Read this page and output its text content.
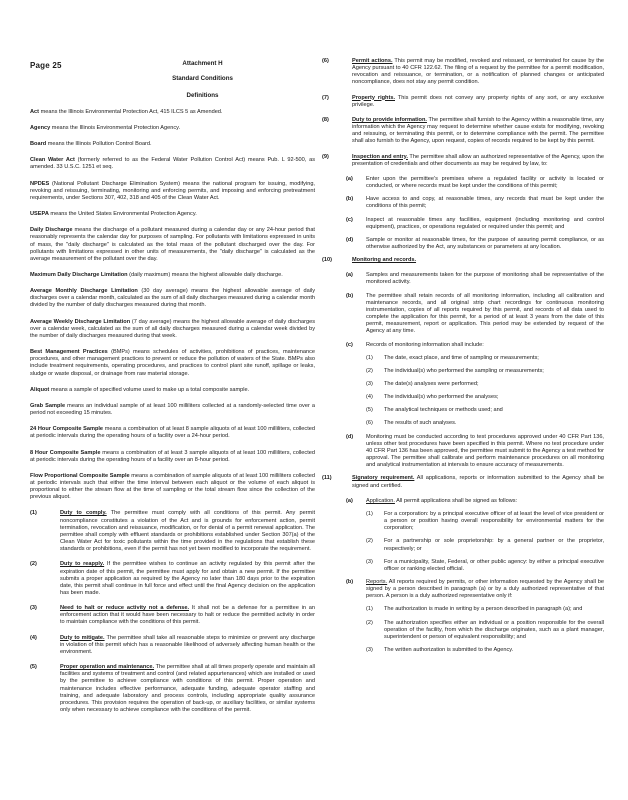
Page 25	Attachment H
Standard Conditions
Definitions

Act means the Illinois Environmental Protection Act, 415 ILCS 5 as Amended.

Agency means the Illinois Environmental Protection Agency.

Board means the Illinois Pollution Control Board.

Clean Water Act (formerly referred to as the Federal Water Pollution Control Act) means Pub. L 92-500, as amended. 33 U.S.C. 1251 et seq.

NPDES (National Pollutant Discharge Elimination System) means the national program for issuing, modifying, revoking and reissuing, terminating, monitoring and enforcing permits, and imposing and enforcing pretreatment requirements, under Sections 307, 402, 318 and 405 of the Clean Water Act.

USEPA means the United States Environmental Protection Agency.

Daily Discharge means the discharge of a pollutant measured during a calendar day or any 24-hour period that reasonably represents the calendar day for purposes of sampling. For pollutants with limitations expressed in units of mass, the "daily discharge" is calculated as the total mass of the pollutant discharged over the day. For pollutants with limitations expressed in other units of measurements, the "daily discharge" is calculated as the average measurement of the pollutant over the day.

Maximum Daily Discharge Limitation (daily maximum) means the highest allowable daily discharge.

Average Monthly Discharge Limitation (30 day average) means the highest allowable average of daily discharges over a calendar month, calculated as the sum of all daily discharges measured during a calendar month divided by the number of daily discharges measured during that month.

Average Weekly Discharge Limitation (7 day average) means the highest allowable average of daily discharges over a calendar week, calculated as the sum of all daily discharges measured during a calendar week divided by the number of daily discharges measured during that week.

Best Management Practices (BMPs) means schedules of activities, prohibitions of practices, maintenance procedures, and other management practices to prevent or reduce the pollution of waters of the State. BMPs also include treatment requirements, operating procedures, and practices to control plant site runoff, spillage or leaks, sludge or waste disposal, or drainage from raw material storage.

Aliquot means a sample of specified volume used to make up a total composite sample.

Grab Sample means an individual sample of at least 100 milliliters collected at a randomly-selected time over a period not exceeding 15 minutes.

24 Hour Composite Sample means a combination of at least 8 sample aliquots of at least 100 milliliters, collected at periodic intervals during the operating hours of a facility over a 24-hour period.

8 Hour Composite Sample means a combination of at least 3 sample aliquots of at least 100 milliliters, collected at periodic intervals during the operating hours of a facility over an 8-hour period.

Flow Proportional Composite Sample means a combination of sample aliquots of at least 100 milliliters collected at periodic intervals such that either the time interval between each aliquot or the volume of each aliquot is proportional to either the stream flow at the time of sampling or the total stream flow since the collection of the previous aliquot.

(1)	Duty to comply. The permittee must comply with all conditions of this permit. Any permit noncompliance constitutes a violation of the Act and is grounds for enforcement action, permit termination, revocation and reissuance, modification, or for denial of a permit renewal application. The permittee shall comply with effluent standards or prohibitions established under Section 307(a) of the Clean Water Act for toxic pollutants within the time provided in the regulations that establish these standards or prohibitions, even if the permit has not yet been modified to incorporate the requirement.
(2)	Duty to reapply. If the permittee wishes to continue an activity regulated by this permit after the expiration date of this permit, the permittee must apply for and obtain a new permit. If the permittee submits a proper application as required by the Agency no later than 180 days prior to the expiration date, this permit shall continue in full force and effect until the final Agency decision on the application has been made.
(3)	Need to halt or reduce activity not a defense. It shall not be a defense for a permittee in an enforcement action that it would have been necessary to halt or reduce the permitted activity in order to maintain compliance with the conditions of this permit.
(4)	Duty to mitigate. The permittee shall take all reasonable steps to minimize or prevent any discharge in violation of this permit which has a reasonable likelihood of adversely affecting human health or the environment.
(5)	Proper operation and maintenance. The permittee shall at all times properly operate and maintain all facilities and systems of treatment and control (and related appurtenances) which are installed or used by the permittee to achieve compliance with conditions of this permit. Proper operation and maintenance includes effective performance, adequate funding, adequate operator staffing and training, and adequate laboratory and process controls, including appropriate quality assurance procedures. This provision requires the operation of back-up, or auxiliary facilities, or similar systems only when necessary to achieve compliance with the conditions of the permit.
(6)	Permit actions. This permit may be modified, revoked and reissued, or terminated for cause by the Agency pursuant to 40 CFR 122.62. The filing of a request by the permittee for a permit modification, revocation and reissuance, or termination, or a notification of planned changes or anticipated noncompliance, does not stay any permit condition.
(7)	Property rights. This permit does not convey any property rights of any sort, or any exclusive privilege.
(8)	Duty to provide information. The permittee shall furnish to the Agency within a reasonable time, any information which the Agency may request to determine whether cause exists for modifying, revoking and reissuing, or terminating this permit, or to determine compliance with the permit. The permittee shall also furnish to the Agency, upon request, copies of records required to be kept by this permit.
(9)	Inspection and entry. The permittee shall allow an authorized representative of the Agency, upon the presentation of credentials and other documents as may be required by law, to:
(a) Enter upon the permittee's premises where a regulated facility or activity is located or conducted, or where records must be kept under the conditions of this permit;
(b) Have access to and copy, at reasonable times, any records that must be kept under the conditions of this permit;
(c) Inspect at reasonable times any facilities, equipment (including monitoring and control equipment), practices, or operations regulated or required under this permit; and
(d) Sample or monitor at reasonable times, for the purpose of assuring permit compliance, or as otherwise authorized by the Act, any substances or parameters at any location.
(10)	Monitoring and records.
(a) Samples and measurements taken for the purpose of monitoring shall be representative of the monitored activity.
(b) The permittee shall retain records of all monitoring information, including all calibration and maintenance records, and all original strip chart recordings for continuous monitoring instrumentation, copies of all reports required by this permit, and records of all data used to complete the application for this permit, for a period of at least 3 years from the date of this permit, measurement, report or application. This period may be extended by request of the Agency at any time.
(c) Records of monitoring information shall include:
(1) The date, exact place, and time of sampling or measurements;
(2) The individual(s) who performed the sampling or measurements;
(3) The date(s) analyses were performed;
(4) The individual(s) who performed the analyses;
(5) The analytical techniques or methods used; and
(6) The results of such analyses.
(d) Monitoring must be conducted according to test procedures approved under 40 CFR Part 136, unless other test procedures have been specified in this permit. Where no test procedure under 40 CFR Part 136 has been approved, the permittee must submit to the Agency a test method for approval. The permittee shall calibrate and perform maintenance procedures on all monitoring and analytical instrumentation at intervals to ensure accuracy of measurements.
(11)	Signatory requirement. All applications, reports or information submitted to the Agency shall be signed and certified.
(a) Application. All permit applications shall be signed as follows:
(1) For a corporation: by a principal executive officer of at least the level of vice president or a person or position having overall responsibility for environmental matters for the corporation;
(2) For a partnership or sole proprietorship: by a general partner or the proprietor, respectively; or
(3) For a municipality, State, Federal, or other public agency: by either a principal executive officer or ranking elected official.
(b) Reports. All reports required by permits, or other information requested by the Agency shall be signed by a person described in paragraph (a) or by a duly authorized representative of that person. A person is a duly authorized representative only if:
(1) The authorization is made in writing by a person described in paragraph (a); and
(2) The authorization specifies either an individual or a position responsible for the overall operation of the facility, from which the discharge originates, such as a plant manager, superintendent or person of equivalent responsibility; and
(3) The written authorization is submitted to the Agency.
